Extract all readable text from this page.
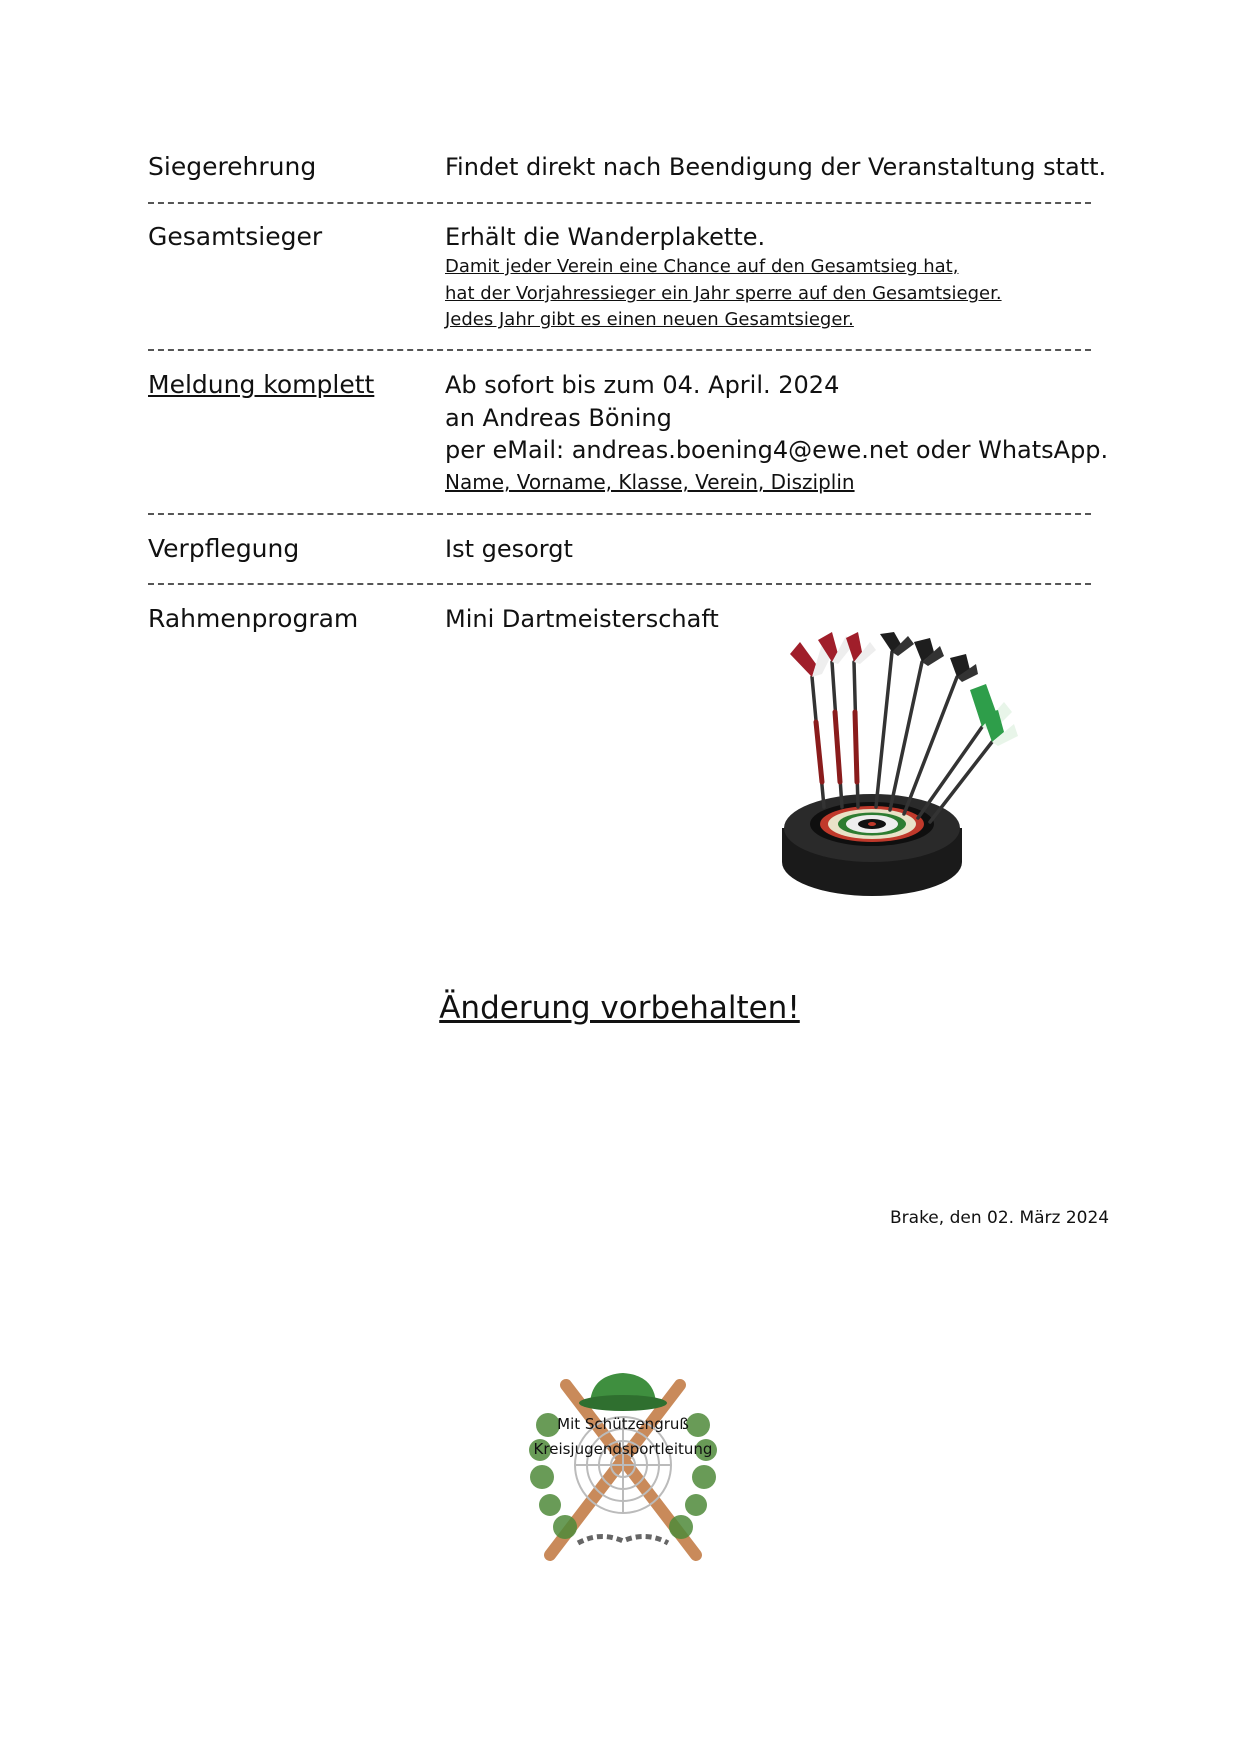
Siegerehrung	Findet direkt nach Beendigung der Veranstaltung statt.
Gesamtsieger	Erhält die Wanderplakette.
Damit jeder Verein eine Chance auf den Gesamtsieg hat,
hat der Vorjahressieger ein Jahr sperre auf den Gesamtsieger.
Jedes Jahr gibt es einen neuen Gesamtsieger.
Meldung komplett	Ab sofort bis zum 04. April. 2024
an Andreas Böning
per eMail: andreas.boening4@ewe.net oder WhatsApp.
Name, Vorname, Klasse, Verein, Disziplin
Verpflegung	Ist gesorgt
Rahmenprogram	Mini Dartmeisterschaft
Änderung vorbehalten!
Brake, den 02. März 2024
Mit Schützengruß
Kreisjugendsportleitung
